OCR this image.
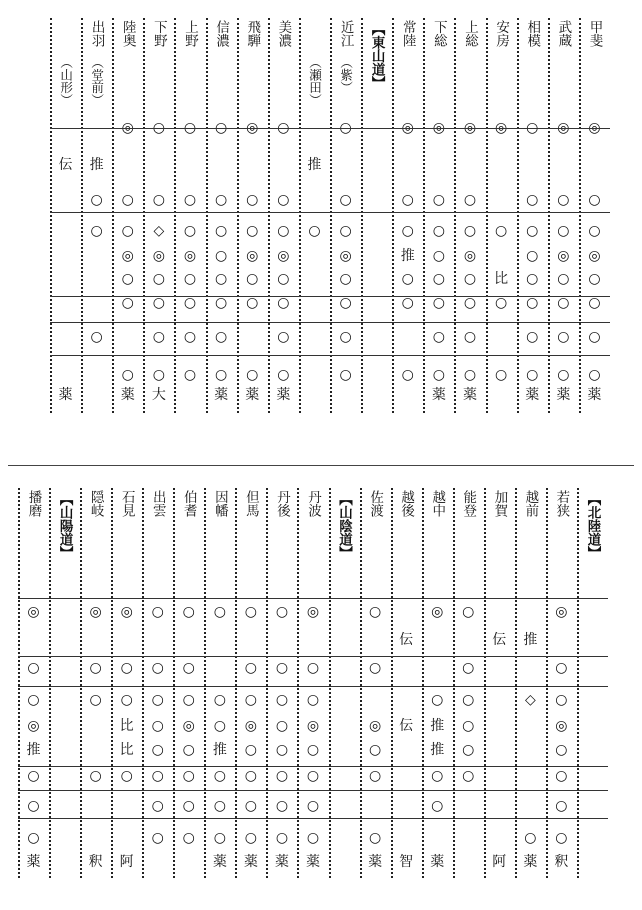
甲斐
◎
○
○
◎
○
○
○
○
薬
武蔵
◎
○
○
◎
○
○
○
○
薬
相模
○
○
○
○
○
○
○
○
薬
安房
◎
○
比
○
○
上総
◎
○
○
◎
○
○
○
○
薬
下総
◎
○
○
○
○
○
○
○
薬
常陸
◎
○
○
推
○
○
○
【東山道】
近江
（紫）
○
○
○
◎
○
○
○
○
（瀬田）
推
○
美濃
○
○
○
◎
○
○
○
○
薬
飛騨
◎
○
○
◎
○
○
○
薬
信濃
○
○
○
○
○
○
○
○
薬
上野
○
○
○
◎
○
○
○
○
下野
○
○
◇
◎
○
○
○
○
大
陸奥
◎
○
○
◎
○
○
○
薬
出羽
（堂前）
推
○
○
○
（山形）
伝
薬
【北陸道】
若狭
◎
○
○
◎
○
○
○
○
釈
越前
推
◇
○
薬
加賀
伝
阿
能登
○
○
○
○
○
○
越中
◎
○
推
推
○
○
薬
越後
伝
伝
智
佐渡
○
○
◎
○
○
○
薬
【山陰道】
丹波
◎
○
○
◎
○
○
○
○
薬
丹後
○
○
○
○
○
○
○
○
薬
但馬
○
○
○
◎
○
○
○
○
薬
因幡
○
○
○
推
○
○
○
薬
伯耆
○
○
○
◎
○
○
○
○
出雲
○
○
○
○
○
○
○
○
石見
◎
○
○
比
比
○
阿
隠岐
◎
○
○
○
釈
【山陽道】
播磨
◎
○
○
◎
推
○
○
○
薬
